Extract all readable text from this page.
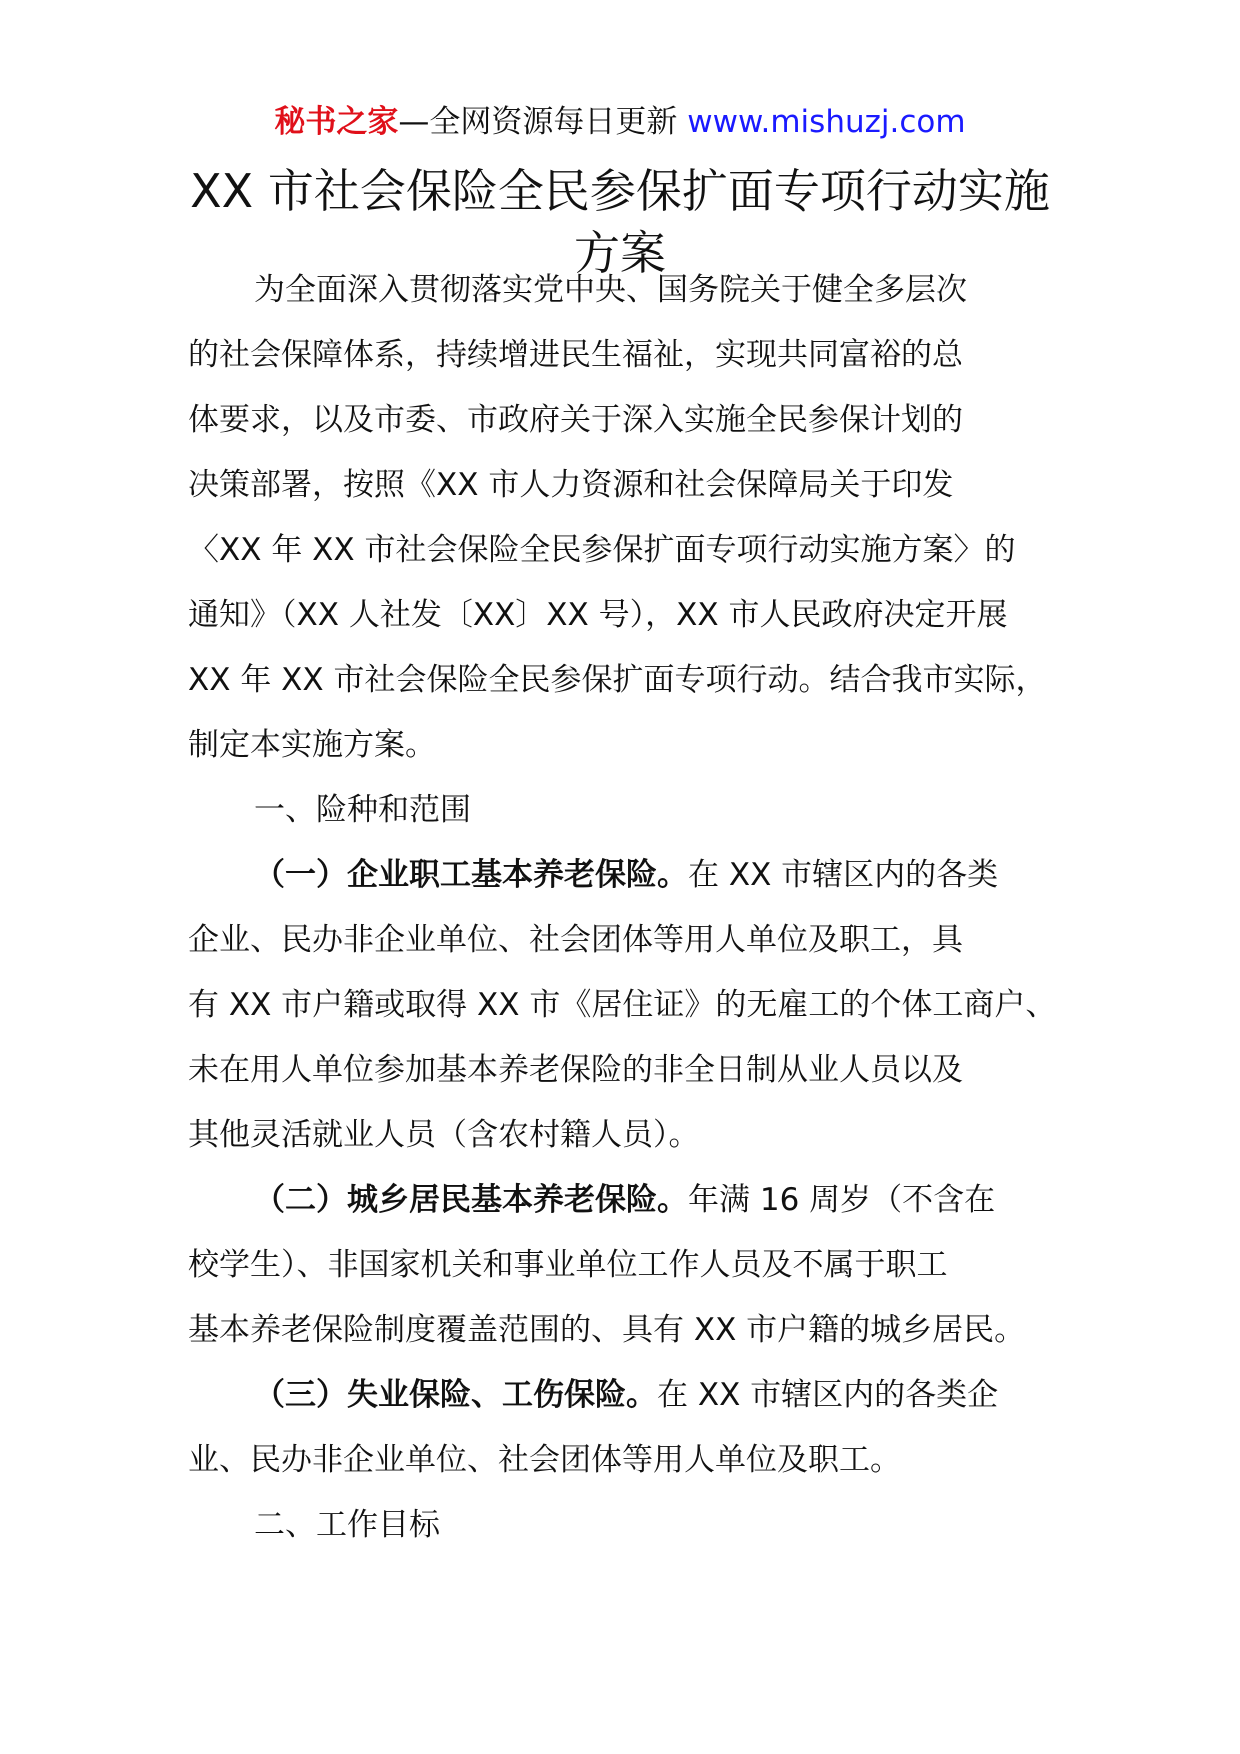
秘书之家—全网资源每日更新 www.mishuzj.com
XX 市社会保险全民参保扩面专项行动实施
方案
为全面深入贯彻落实党中央、国务院关于健全多层次
的社会保障体系，持续增进民生福祉，实现共同富裕的总
体要求，以及市委、市政府关于深入实施全民参保计划的
决策部署，按照《XX 市人力资源和社会保障局关于印发
〈XX 年 XX 市社会保险全民参保扩面专项行动实施方案〉的
通知》（XX 人社发〔XX〕XX 号），XX 市人民政府决定开展
XX 年 XX 市社会保险全民参保扩面专项行动。结合我市实际，
制定本实施方案。
一、险种和范围
（一）企业职工基本养老保险。在 XX 市辖区内的各类
企业、民办非企业单位、社会团体等用人单位及职工，具
有 XX 市户籍或取得 XX 市《居住证》的无雇工的个体工商户、
未在用人单位参加基本养老保险的非全日制从业人员以及
其他灵活就业人员（含农村籍人员）。
（二）城乡居民基本养老保险。年满 16 周岁（不含在
校学生）、非国家机关和事业单位工作人员及不属于职工
基本养老保险制度覆盖范围的、具有 XX 市户籍的城乡居民。
（三）失业保险、工伤保险。在 XX 市辖区内的各类企
业、民办非企业单位、社会团体等用人单位及职工。
二、工作目标
